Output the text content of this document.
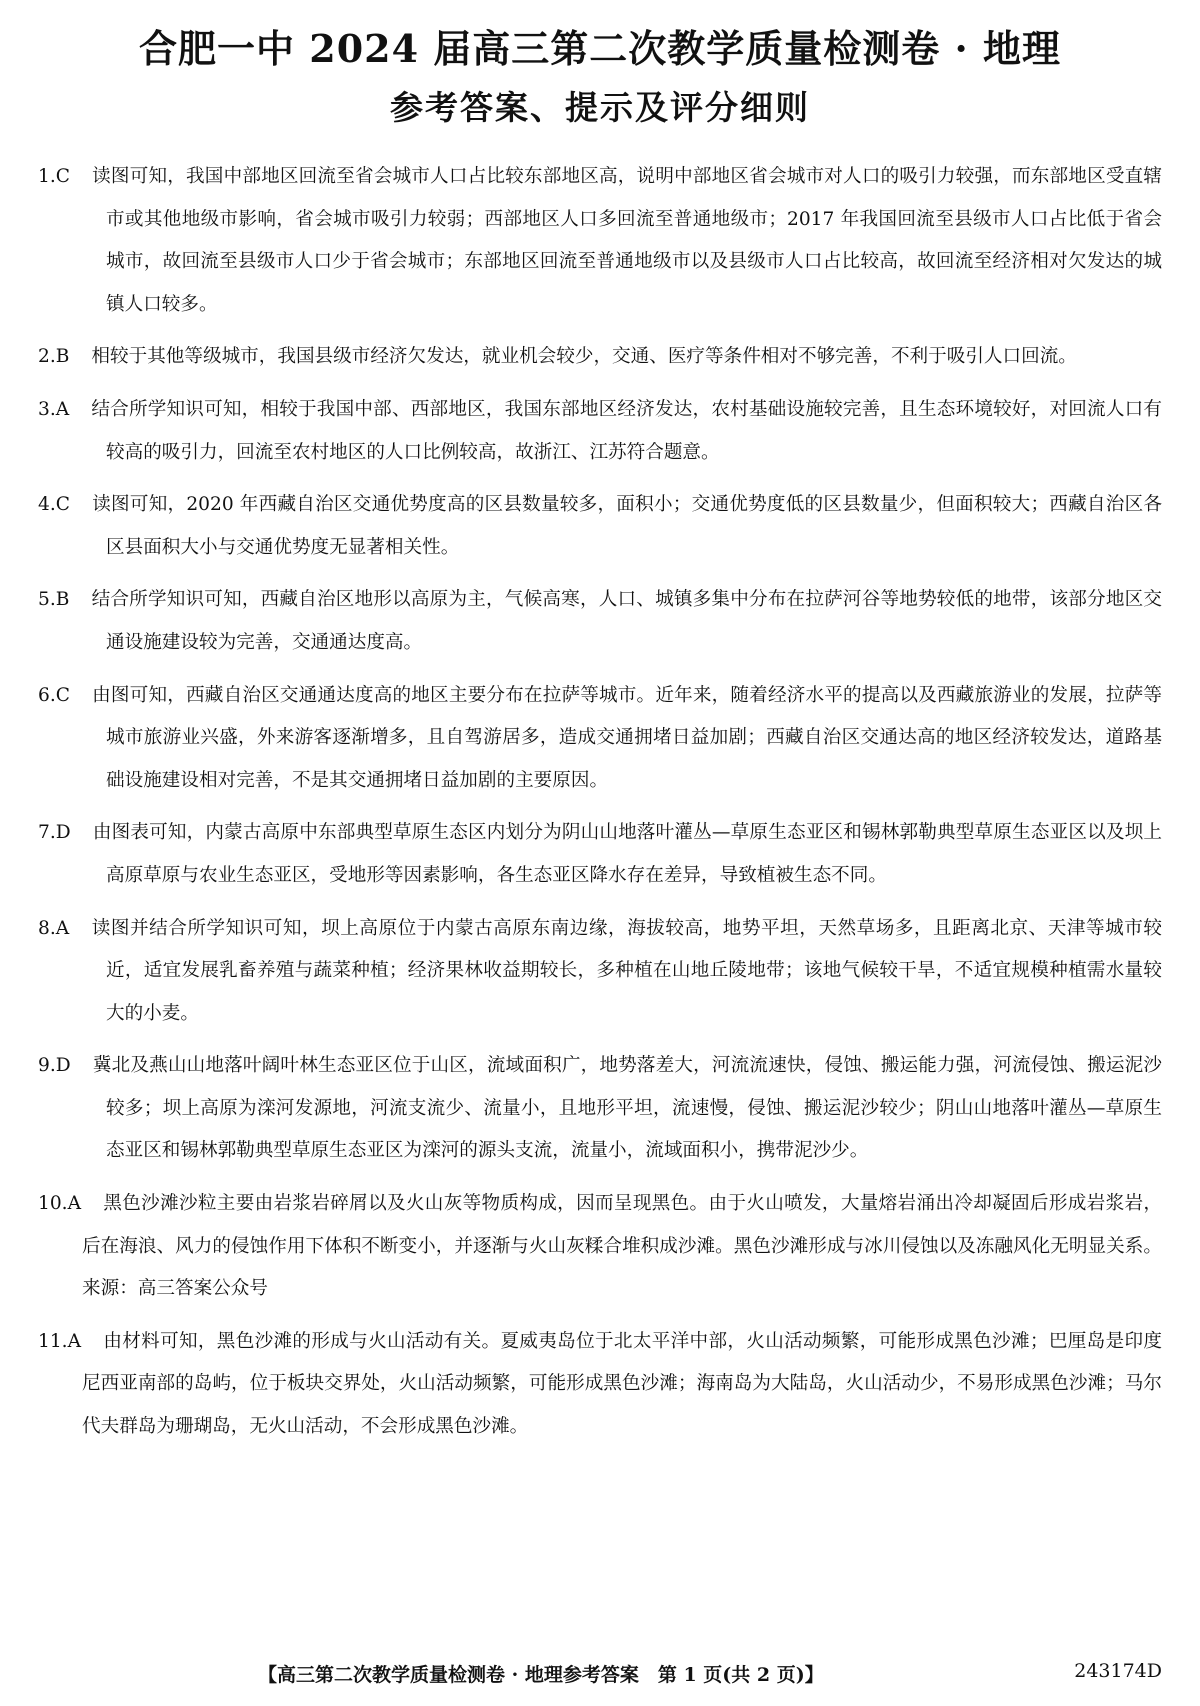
合肥一中 2024 届高三第二次教学质量检测卷 · 地理
参考答案、提示及评分细则
1.C 读图可知，我国中部地区回流至省会城市人口占比较东部地区高，说明中部地区省会城市对人口的吸引力较强，而东部地区受直辖市或其他地级市影响，省会城市吸引力较弱；西部地区人口多回流至普通地级市；2017 年我国回流至县级市人口占比低于省会城市，故回流至县级市人口少于省会城市；东部地区回流至普通地级市以及县级市人口占比较高，故回流至经济相对欠发达的城镇人口较多。
2.B 相较于其他等级城市，我国县级市经济欠发达，就业机会较少，交通、医疗等条件相对不够完善，不利于吸引人口回流。
3.A 结合所学知识可知，相较于我国中部、西部地区，我国东部地区经济发达，农村基础设施较完善，且生态环境较好，对回流人口有较高的吸引力，回流至农村地区的人口比例较高，故浙江、江苏符合题意。
4.C 读图可知，2020 年西藏自治区交通优势度高的区县数量较多，面积小；交通优势度低的区县数量少，但面积较大；西藏自治区各区县面积大小与交通优势度无显著相关性。
5.B 结合所学知识可知，西藏自治区地形以高原为主，气候高寒，人口、城镇多集中分布在拉萨河谷等地势较低的地带，该部分地区交通设施建设较为完善，交通通达度高。
6.C 由图可知，西藏自治区交通通达度高的地区主要分布在拉萨等城市。近年来，随着经济水平的提高以及西藏旅游业的发展，拉萨等城市旅游业兴盛，外来游客逐渐增多，且自驾游居多，造成交通拥堵日益加剧；西藏自治区交通达高的地区经济较发达，道路基础设施建设相对完善，不是其交通拥堵日益加剧的主要原因。
7.D 由图表可知，内蒙古高原中东部典型草原生态区内划分为阴山山地落叶灌丛—草原生态亚区和锡林郭勒典型草原生态亚区以及坝上高原草原与农业生态亚区，受地形等因素影响，各生态亚区降水存在差异，导致植被生态不同。
8.A 读图并结合所学知识可知，坝上高原位于内蒙古高原东南边缘，海拔较高，地势平坦，天然草场多，且距离北京、天津等城市较近，适宜发展乳畜养殖与蔬菜种植；经济果林收益期较长，多种植在山地丘陵地带；该地气候较干旱，不适宜规模种植需水量较大的小麦。
9.D 冀北及燕山山地落叶阔叶林生态亚区位于山区，流域面积广，地势落差大，河流流速快，侵蚀、搬运能力强，河流侵蚀、搬运泥沙较多；坝上高原为滦河发源地，河流支流少、流量小，且地形平坦，流速慢，侵蚀、搬运泥沙较少；阴山山地落叶灌丛—草原生态亚区和锡林郭勒典型草原生态亚区为滦河的源头支流，流量小，流域面积小，携带泥沙少。
10.A 黑色沙滩沙粒主要由岩浆岩碎屑以及火山灰等物质构成，因而呈现黑色。由于火山喷发，大量熔岩涌出冷却凝固后形成岩浆岩，后在海浪、风力的侵蚀作用下体积不断变小，并逐渐与火山灰糅合堆积成沙滩。黑色沙滩形成与冰川侵蚀以及冻融风化无明显关系。来源：高三答案公众号
11.A 由材料可知，黑色沙滩的形成与火山活动有关。夏威夷岛位于北太平洋中部，火山活动频繁，可能形成黑色沙滩；巴厘岛是印度尼西亚南部的岛屿，位于板块交界处，火山活动频繁，可能形成黑色沙滩；海南岛为大陆岛，火山活动少，不易形成黑色沙滩；马尔代夫群岛为珊瑚岛，无火山活动，不会形成黑色沙滩。
【高三第二次教学质量检测卷 · 地理参考答案　第 1 页(共 2 页)】	243174D
